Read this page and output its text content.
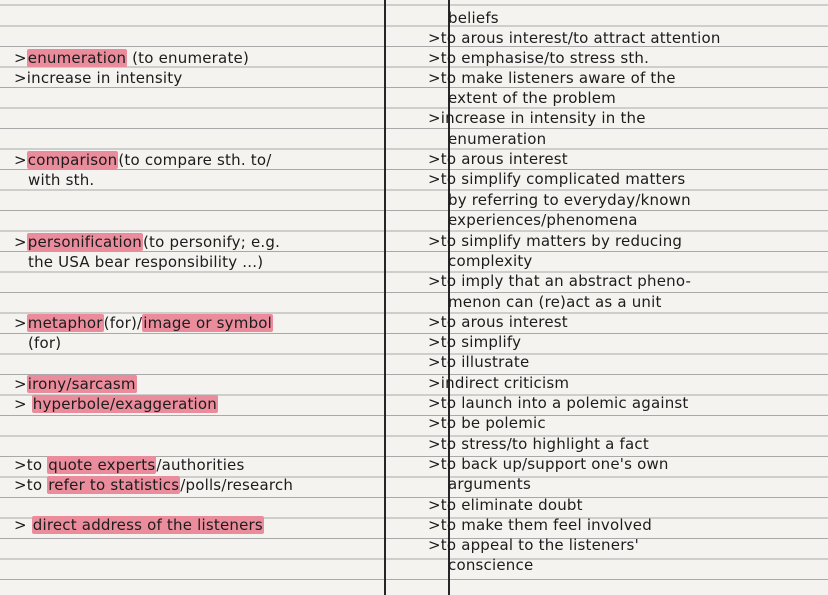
>enumeration (to enumerate)
>increase in intensity
>comparison(to compare sth. to/
with sth.
>personification(to personify; e.g.
the USA bear responsibility ...)
>metaphor(for)/image or symbol
(for)
>irony/sarcasm
> hyperbole/exaggeration
>to quote experts/authorities
>to refer to statistics/polls/research
> direct address of the listeners
beliefs
>to arous interest/to attract attention
>to emphasise/to stress sth.
>to make listeners aware of the
extent of the problem
>increase in intensity in the
enumeration
>to arous interest
>to simplify complicated matters
by referring to everyday/known
experiences/phenomena
>to simplify matters by reducing
complexity
>to imply that an abstract pheno-
menon can (re)act as a unit
>to arous interest
>to simplify
>to illustrate
>indirect criticism
>to launch into a polemic against
>to be polemic
>to stress/to highlight a fact
>to back up/support one's own
arguments
>to eliminate doubt
>to make them feel involved
>to appeal to the listeners'
conscience
